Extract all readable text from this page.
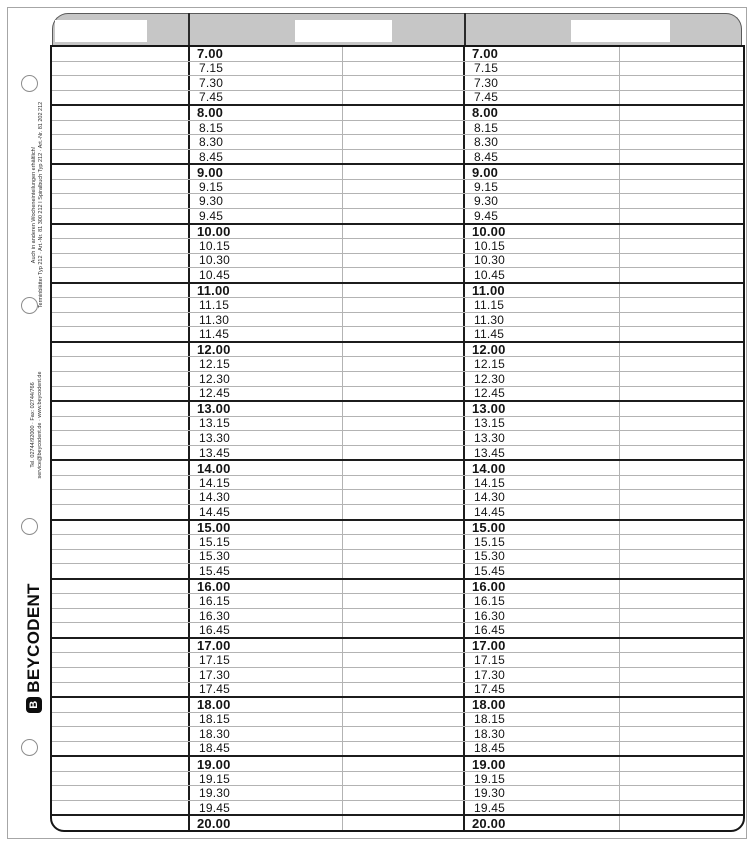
7.00	7.00
7.15	7.15
7.30	7.30
7.45	7.45
8.00	8.00
8.15	8.15
8.30	8.30
8.45	8.45
9.00	9.00
9.15	9.15
9.30	9.30
9.45	9.45
10.00	10.00
10.15	10.15
10.30	10.30
10.45	10.45
11.00	11.00
11.15	11.15
11.30	11.30
11.45	11.45
12.00	12.00
12.15	12.15
12.30	12.30
12.45	12.45
13.00	13.00
13.15	13.15
13.30	13.30
13.45	13.45
14.00	14.00
14.15	14.15
14.30	14.30
14.45	14.45
15.00	15.00
15.15	15.15
15.30	15.30
15.45	15.45
16.00	16.00
16.15	16.15
16.30	16.30
16.45	16.45
17.00	17.00
17.15	17.15
17.30	17.30
17.45	17.45
18.00	18.00
18.15	18.15
18.30	18.30
18.45	18.45
19.00	19.00
19.15	19.15
19.30	19.30
19.45	19.45
20.00	20.00
Auch in anderen Wocheneinteilungen erhältlich! Terminblätter Typ 212 · Art.-Nr. 81 300 212 I Spiralbuch Typ 212 · Art.-Nr. 81 202 212
Tel. 02744/92000 · Fax: 02744/766 service@beycodent.de · www.beycodent.de
B
BEYCODENT
